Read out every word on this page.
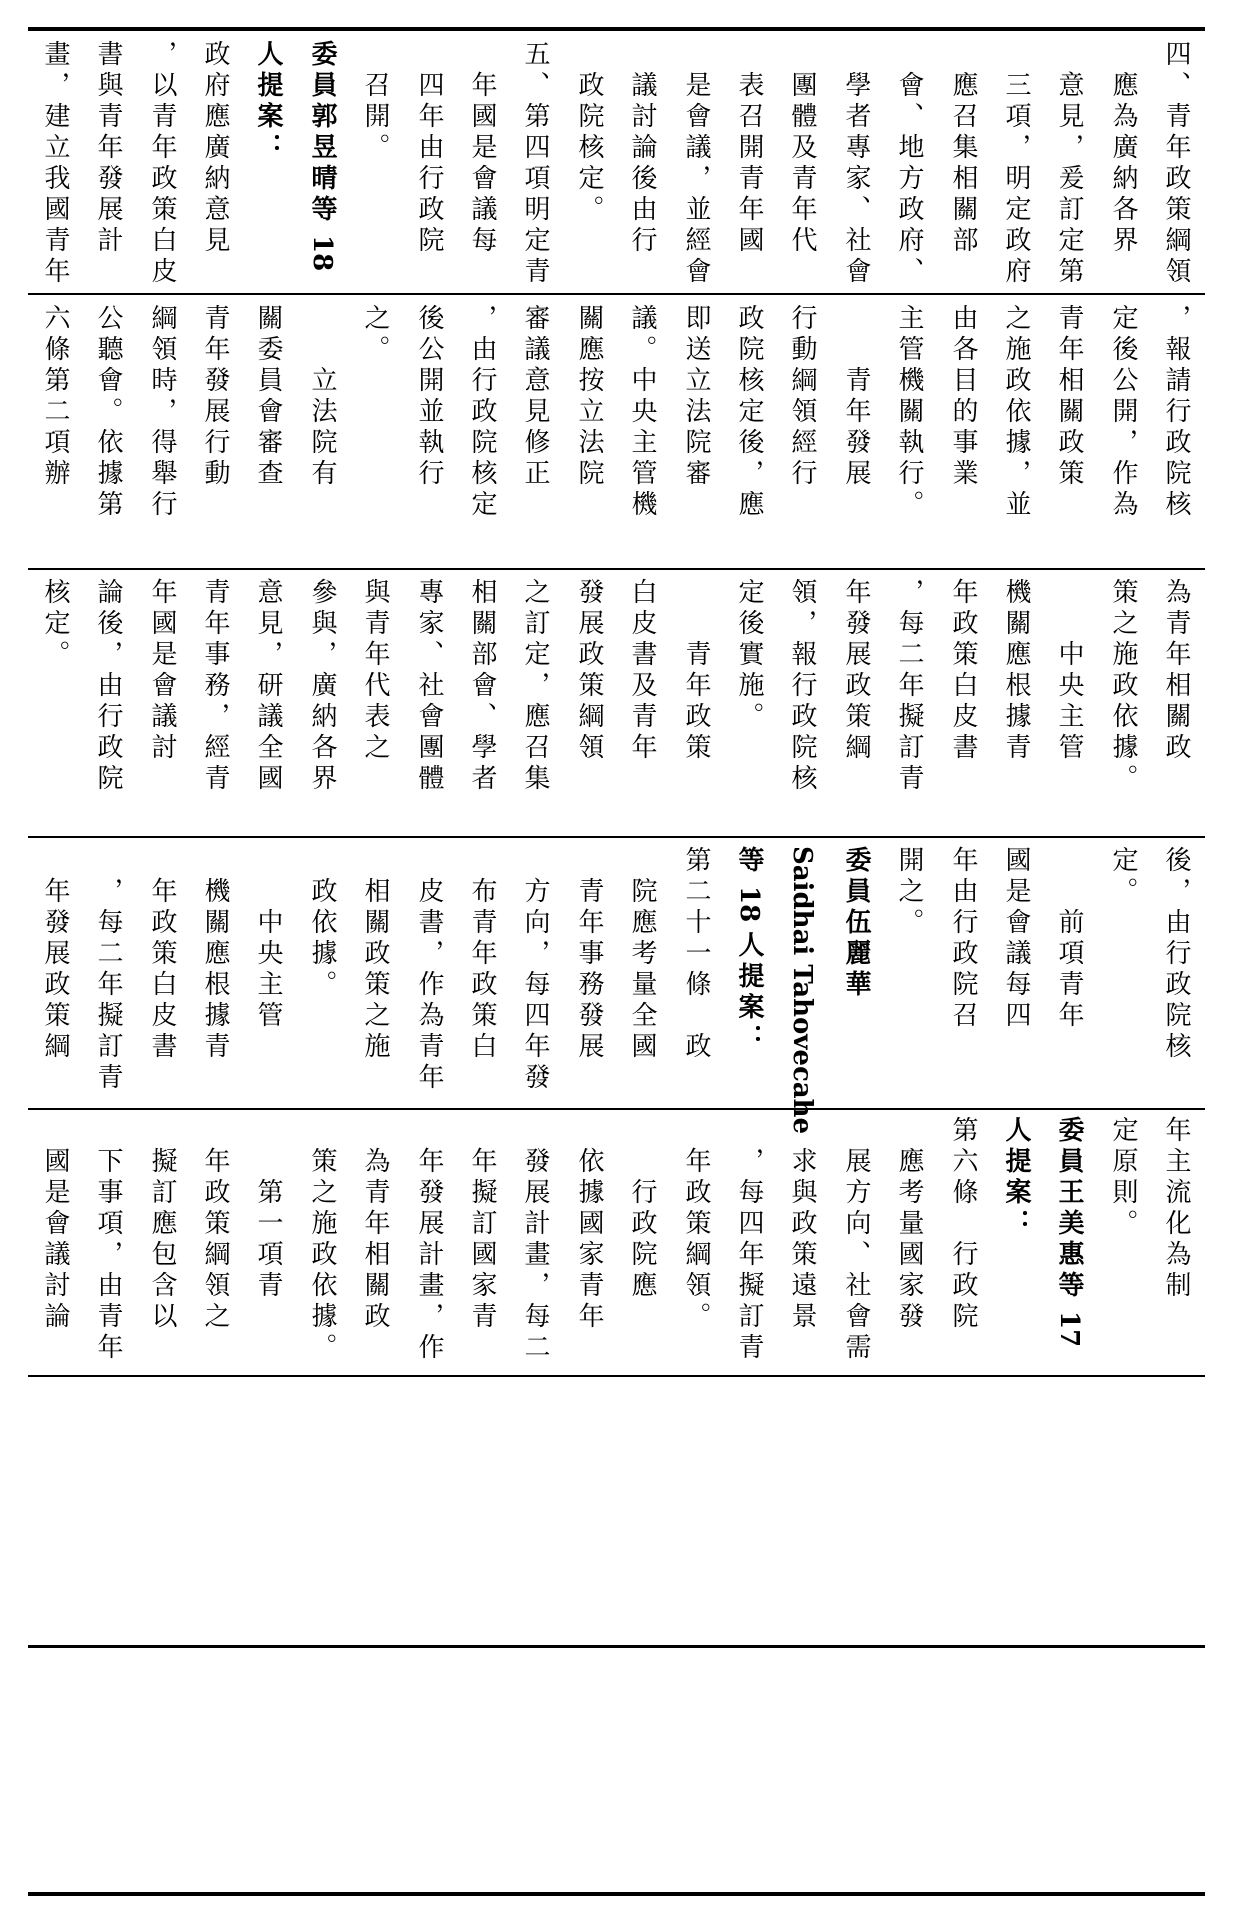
四、青年政策綱領
　應為廣納各界
　意見，爰訂定第
　三項，明定政府
　應召集相關部
　會、地方政府、
　學者專家、社會
　團體及青年代
　表召開青年國
　是會議，並經會
　議討論後由行
　政院核定。
五、第四項明定青
　年國是會議每
　四年由行政院
　召開。
委員郭昱晴等 18
人提案：
政府應廣納意見
，以青年政策白皮
書與青年發展計
畫，建立我國青年
，報請行政院核
定後公開，作為
青年相關政策
之施政依據，並
由各目的事業
主管機關執行。
　　青年發展
行動綱領經行
政院核定後，應
即送立法院審
議。中央主管機
關應按立法院
審議意見修正
，由行政院核定
後公開並執行
之。
　　立法院有
關委員會審查
青年發展行動
綱領時，得舉行
公聽會。依據第
六條第二項辦
為青年相關政
策之施政依據。
　　中央主管
機關應根據青
年政策白皮書
，每二年擬訂青
年發展政策綱
領，報行政院核
定後實施。
　　青年政策
白皮書及青年
發展政策綱領
之訂定，應召集
相關部會、學者
專家、社會團體
與青年代表之
參與，廣納各界
意見，研議全國
青年事務，經青
年國是會議討
論後，由行政院
核定。
後，由行政院核
定。
　　前項青年
國是會議每四
年由行政院召
開之。
委員伍麗華
Saidhai Tahovecahe
等 18 人提案：
第二十一條　政
　院應考量全國
　青年事務發展
　方向，每四年發
　布青年政策白
　皮書，作為青年
　相關政策之施
　政依據。
　　中央主管
　機關應根據青
　年政策白皮書
　，每二年擬訂青
　年發展政策綱
年主流化為制
定原則。
委員王美惠等 17
人提案：
第六條　行政院
　應考量國家發
　展方向、社會需
　求與政策遠景
　，每四年擬訂青
　年政策綱領。
　　行政院應
　依據國家青年
　發展計畫，每二
　年擬訂國家青
　年發展計畫，作
　為青年相關政
　策之施政依據。
　　第一項青
　年政策綱領之
　擬訂應包含以
　下事項，由青年
　國是會議討論
